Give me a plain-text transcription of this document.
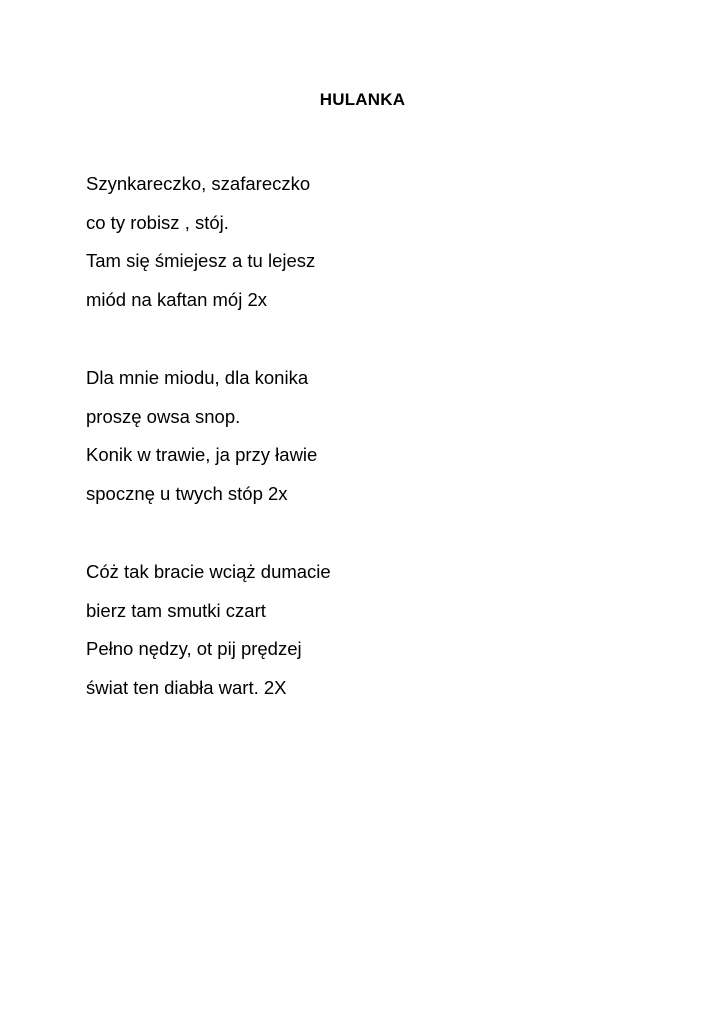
HULANKA
Szynkareczko, szafareczko
co ty robisz , stój.
Tam się śmiejesz a tu lejesz
miód na kaftan mój 2x
Dla mnie miodu, dla konika
proszę owsa snop.
Konik w trawie, ja przy ławie
spocznę u twych stóp 2x
Cóż tak bracie wciąż dumacie
bierz tam smutki czart
Pełno nędzy, ot pij prędzej
świat ten diabła wart. 2X
